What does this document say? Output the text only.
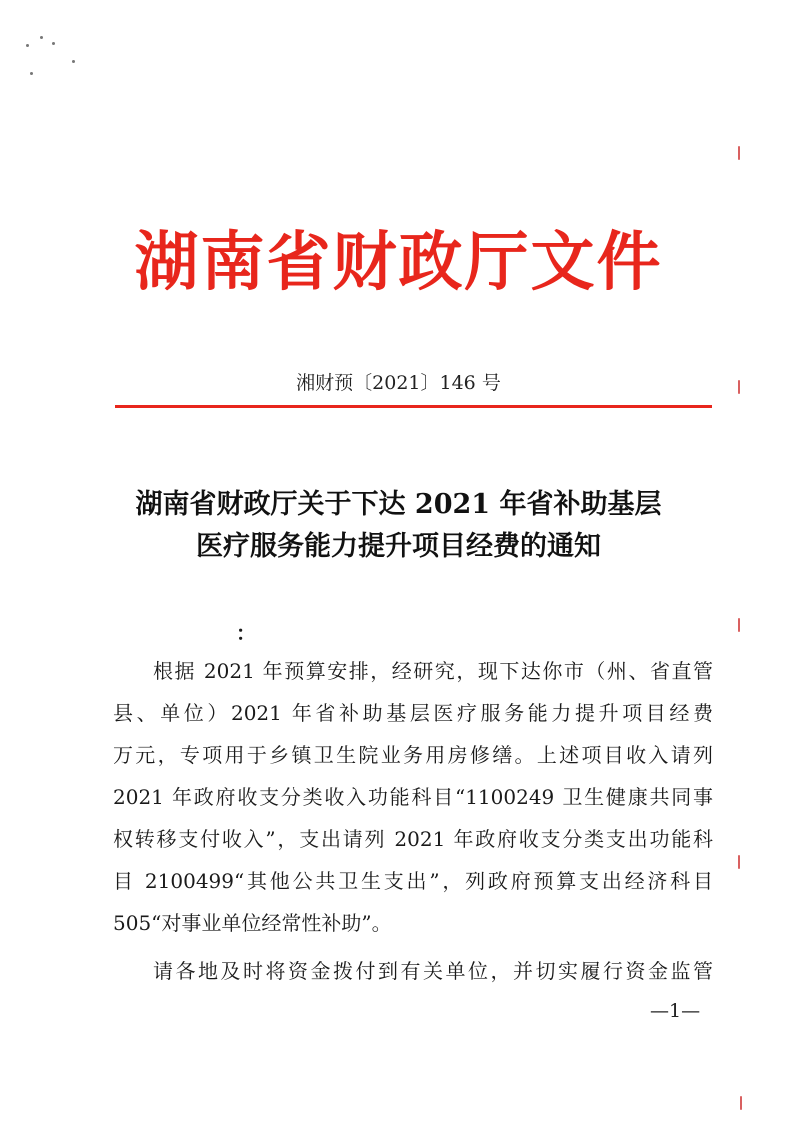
湖南省财政厅文件
湘财预〔2021〕146 号
湖南省财政厅关于下达 2021 年省补助基层
医疗服务能力提升项目经费的通知
：
根据 2021 年预算安排，经研究，现下达你市（州、省直管
县、单位）2021 年省补助基层医疗服务能力提升项目经费
万元，专项用于乡镇卫生院业务用房修缮。上述项目收入请列
2021 年政府收支分类收入功能科目“1100249 卫生健康共同事
权转移支付收入”，支出请列 2021 年政府收支分类支出功能科
目 2100499“其他公共卫生支出”，列政府预算支出经济科目
505“对事业单位经常性补助”。
请各地及时将资金拨付到有关单位，并切实履行资金监管
—1—
